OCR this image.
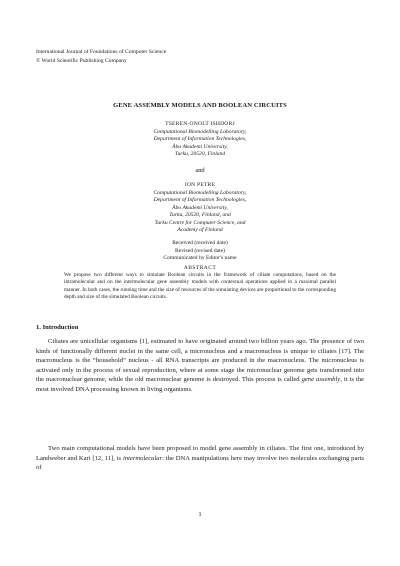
International Journal of Foundations of Computer Science
© World Scientific Publishing Company
GENE ASSEMBLY MODELS AND BOOLEAN CIRCUITS
TSEREN-ONOLT ISHDORJ
Computational Biomodelling Laboratory,
Department of Information Technologies,
Åbo Akademi University,
Turku, 20520, Finland
and
ION PETRE
Computational Biomodelling Laboratory,
Department of Information Technologies,
Åbo Akademi University,
Turku, 20520, Finland, and
Turku Centre for Computer Science, and
Academy of Finland
Received (received date)
Revised (revised date)
Communicated by Editor's name
ABSTRACT

We propose two different ways to simulate Boolean circuits in the framework of ciliate computations, based on the intramolecular and on the intermolecular gene assembly models with contextual operations applied in a maximal parallel manner. In both cases, the running time and the size of resources of the simulating devices are proportional to the corresponding depth and size of the simulated Boolean circuits.

1. Introduction

Ciliates are unicellular organisms [1], estimated to have originated around two billion years ago. The presence of two kinds of functionally different nuclei in the same cell, a micronucleus and a macronucleus is unique to ciliates [17]. The macronucleus is the “household” nucleus - all RNA transcripts are produced in the macronucleus. The micronucleus is activated only in the process of sexual reproduction, where at some stage the micronuclear genome gets transformed into the macronuclear genome, while the old macronuclear genome is destroyed. This process is called gene assembly, it is the most involved DNA processing known in living organisms.

Two main computational models have been proposed to model gene assembly in ciliates. The first one, introduced by Landweber and Kari [12, 11], is intermolecular: the DNA manipulations here may involve two molecules exchanging parts of

1
